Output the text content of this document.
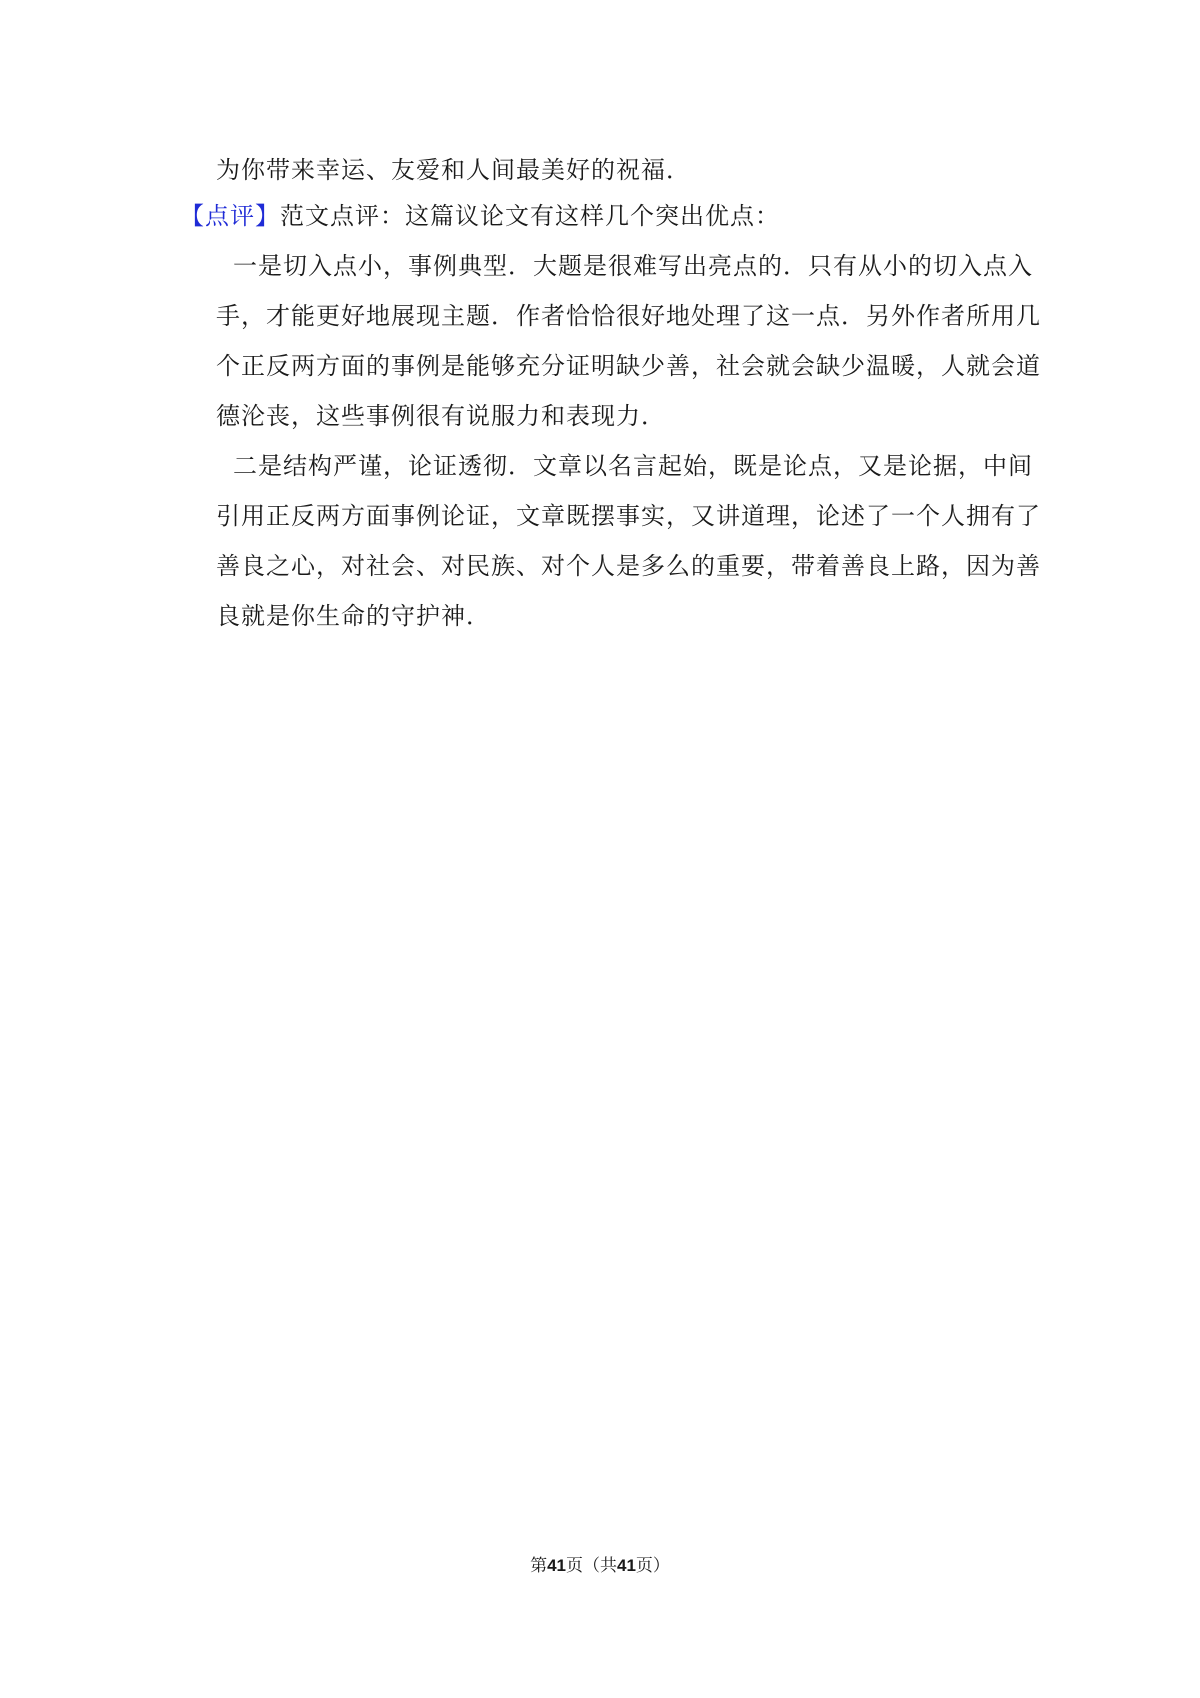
为你带来幸运、友爱和人间最美好的祝福．
【点评】范文点评：这篇议论文有这样几个突出优点：
一是切入点小，事例典型．大题是很难写出亮点的．只有从小的切入点入
手，才能更好地展现主题．作者恰恰很好地处理了这一点．另外作者所用几
个正反两方面的事例是能够充分证明缺少善，社会就会缺少温暖，人就会道
德沦丧，这些事例很有说服力和表现力．
二是结构严谨，论证透彻．文章以名言起始，既是论点，又是论据，中间
引用正反两方面事例论证，文章既摆事实，又讲道理，论述了一个人拥有了
善良之心，对社会、对民族、对个人是多么的重要，带着善良上路，因为善
良就是你生命的守护神．
第41页（共41页）
